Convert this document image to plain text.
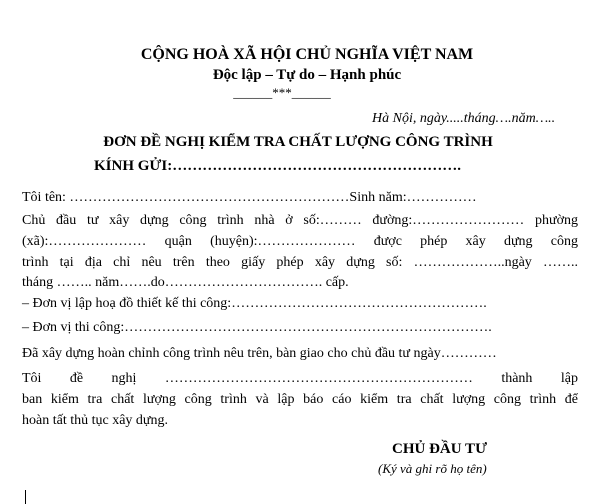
CỘNG HOÀ XÃ HỘI CHỦ NGHĨA VIỆT NAM
Độc lập – Tự do – Hạnh phúc
______***______
Hà Nội, ngày.....tháng….năm…..
ĐƠN ĐỀ NGHỊ KIỂM TRA CHẤT LƯỢNG CÔNG TRÌNH
KÍNH GỬI:………………………………………………….
Tôi tên: ……………………………………………………Sinh năm:……………
Chủ đầu tư xây dựng công trình nhà ở số:……… đường:…………………… phường
(xã):………………… quận (huyện):………………… được phép xây dựng công
trình tại địa chỉ nêu trên theo giấy phép xây dựng số: ………………..ngày ……..
tháng …….. năm…….do……………………………. cấp.
– Đơn vị lập hoạ đồ thiết kế thi công:……………………………………………….
– Đơn vị thi công:…………………………………………………………………….
Đã xây dựng hoàn chỉnh công trình nêu trên, bàn giao cho chủ đầu tư ngày…………
Tôi đề nghị ………………………………………………………… thành lập
ban kiểm tra chất lượng công trình và lập báo cáo kiểm tra chất lượng công trình để
hoàn tất thủ tục xây dựng.
CHỦ ĐẦU TƯ
(Ký và ghi rõ họ tên)
